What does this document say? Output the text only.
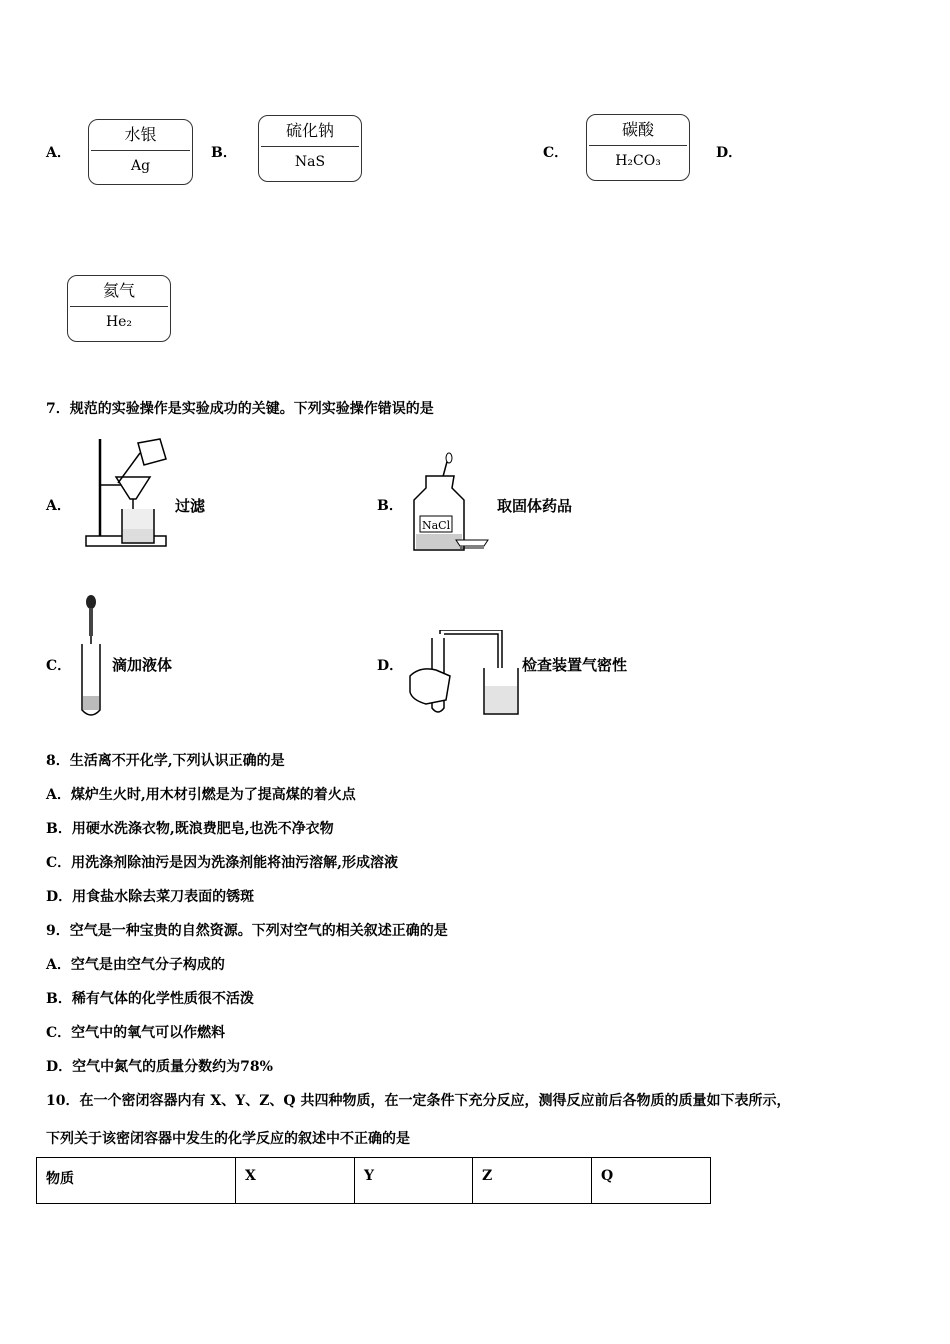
A．
水银
Ag
B．
硫化钠
NaS
C．
碳酸
H₂CO₃	D．
氦气
He₂
7．规范的实验操作是实验成功的关键。下列实验操作错误的是
A．	过滤	B．
NaCl
取固体药品
C．	滴加液体	D．	检查装置气密性
8．生活离不开化学,下列认识正确的是
A．煤炉生火时,用木材引燃是为了提高煤的着火点
B．用硬水洗涤衣物,既浪费肥皂,也洗不净衣物
C．用洗涤剂除油污是因为洗涤剂能将油污溶解,形成溶液
D．用食盐水除去菜刀表面的锈斑
9．空气是一种宝贵的自然资源。下列对空气的相关叙述正确的是
A．空气是由空气分子构成的
B．稀有气体的化学性质很不活泼
C．空气中的氧气可以作燃料
D．空气中氮气的质量分数约为78%
10．在一个密闭容器内有 X、Y、Z、Q 共四种物质，在一定条件下充分反应，测得反应前后各物质的质量如下表所示，
下列关于该密闭容器中发生的化学反应的叙述中不正确的是
物质	X	Y	Z	Q
